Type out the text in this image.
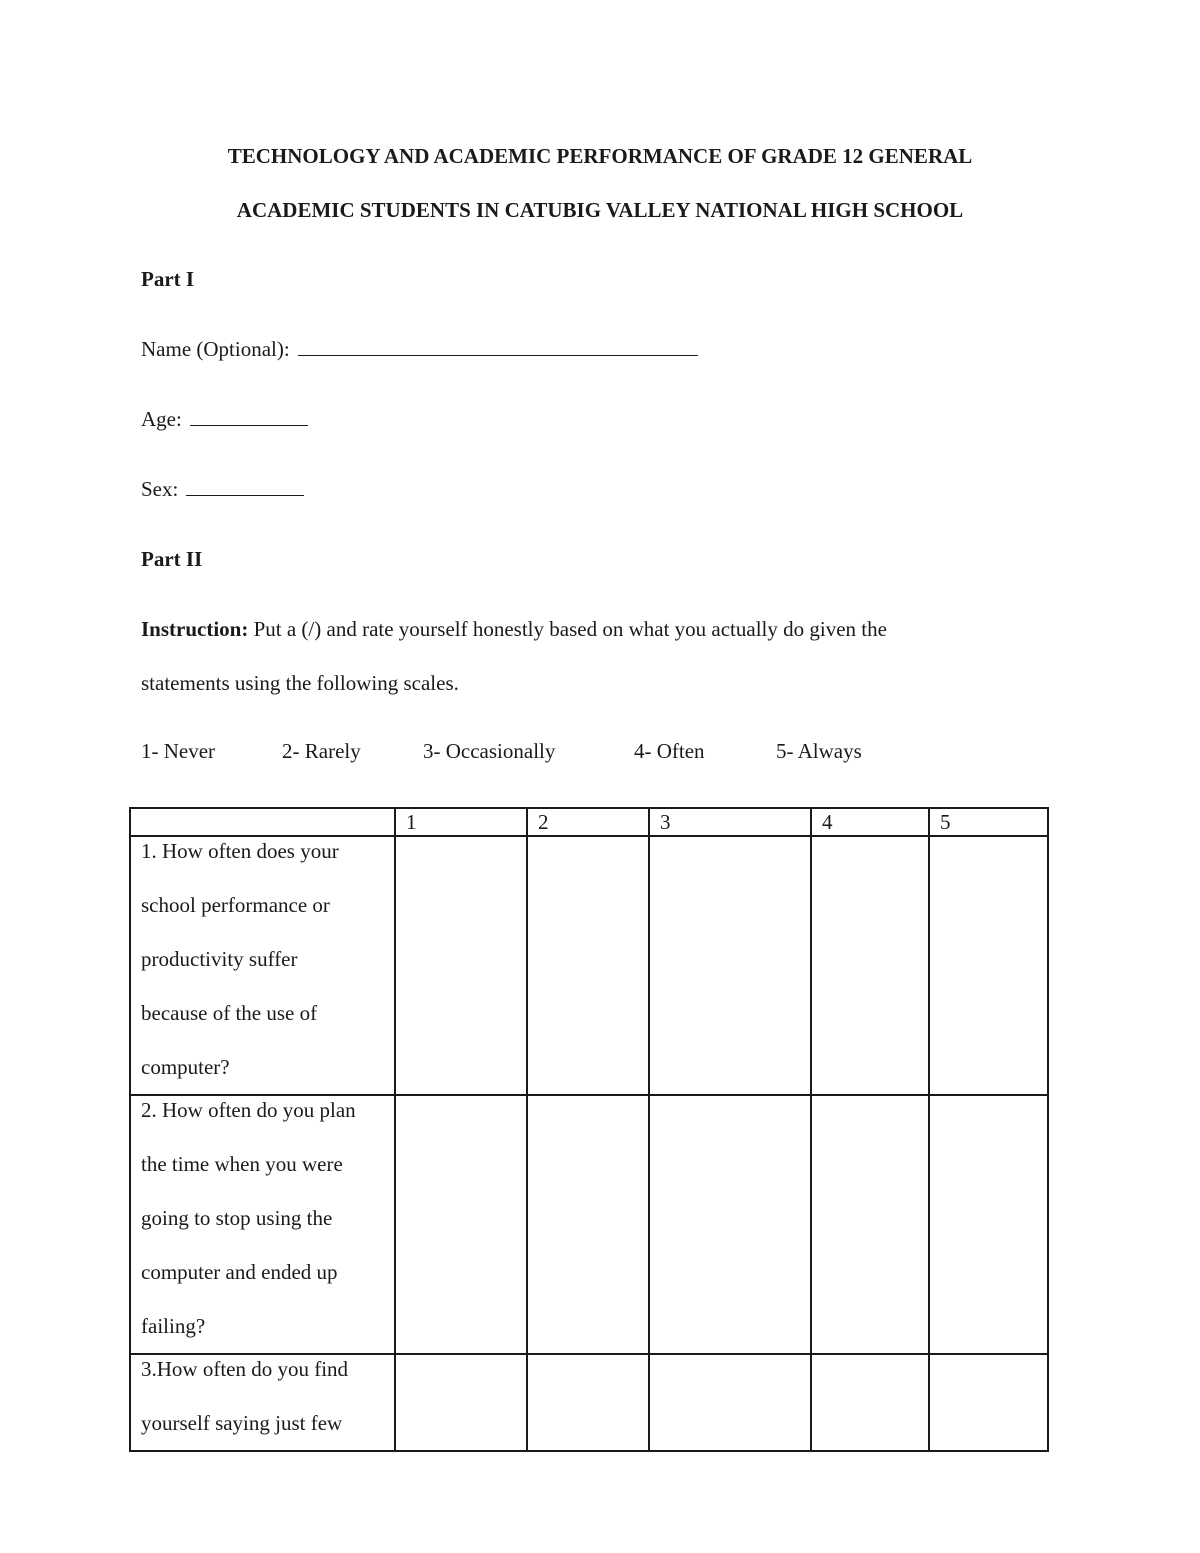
TECHNOLOGY AND ACADEMIC PERFORMANCE OF GRADE 12 GENERAL
ACADEMIC STUDENTS IN CATUBIG VALLEY NATIONAL HIGH SCHOOL
Part I
Name (Optional):
Age:
Sex:
Part II
Instruction: Put a (/) and rate yourself honestly based on what you actually do given the
statements using the following scales.
1- Never	2- Rarely	3- Occasionally	4- Often	5- Always
	1	2	3	4	5

1. How often does your
school performance or
productivity suffer
because of the use of
computer?					

2. How often do you plan
the time when you were
going to stop using the
computer and ended up
failing?					

3.How often do you find
yourself saying just few					
